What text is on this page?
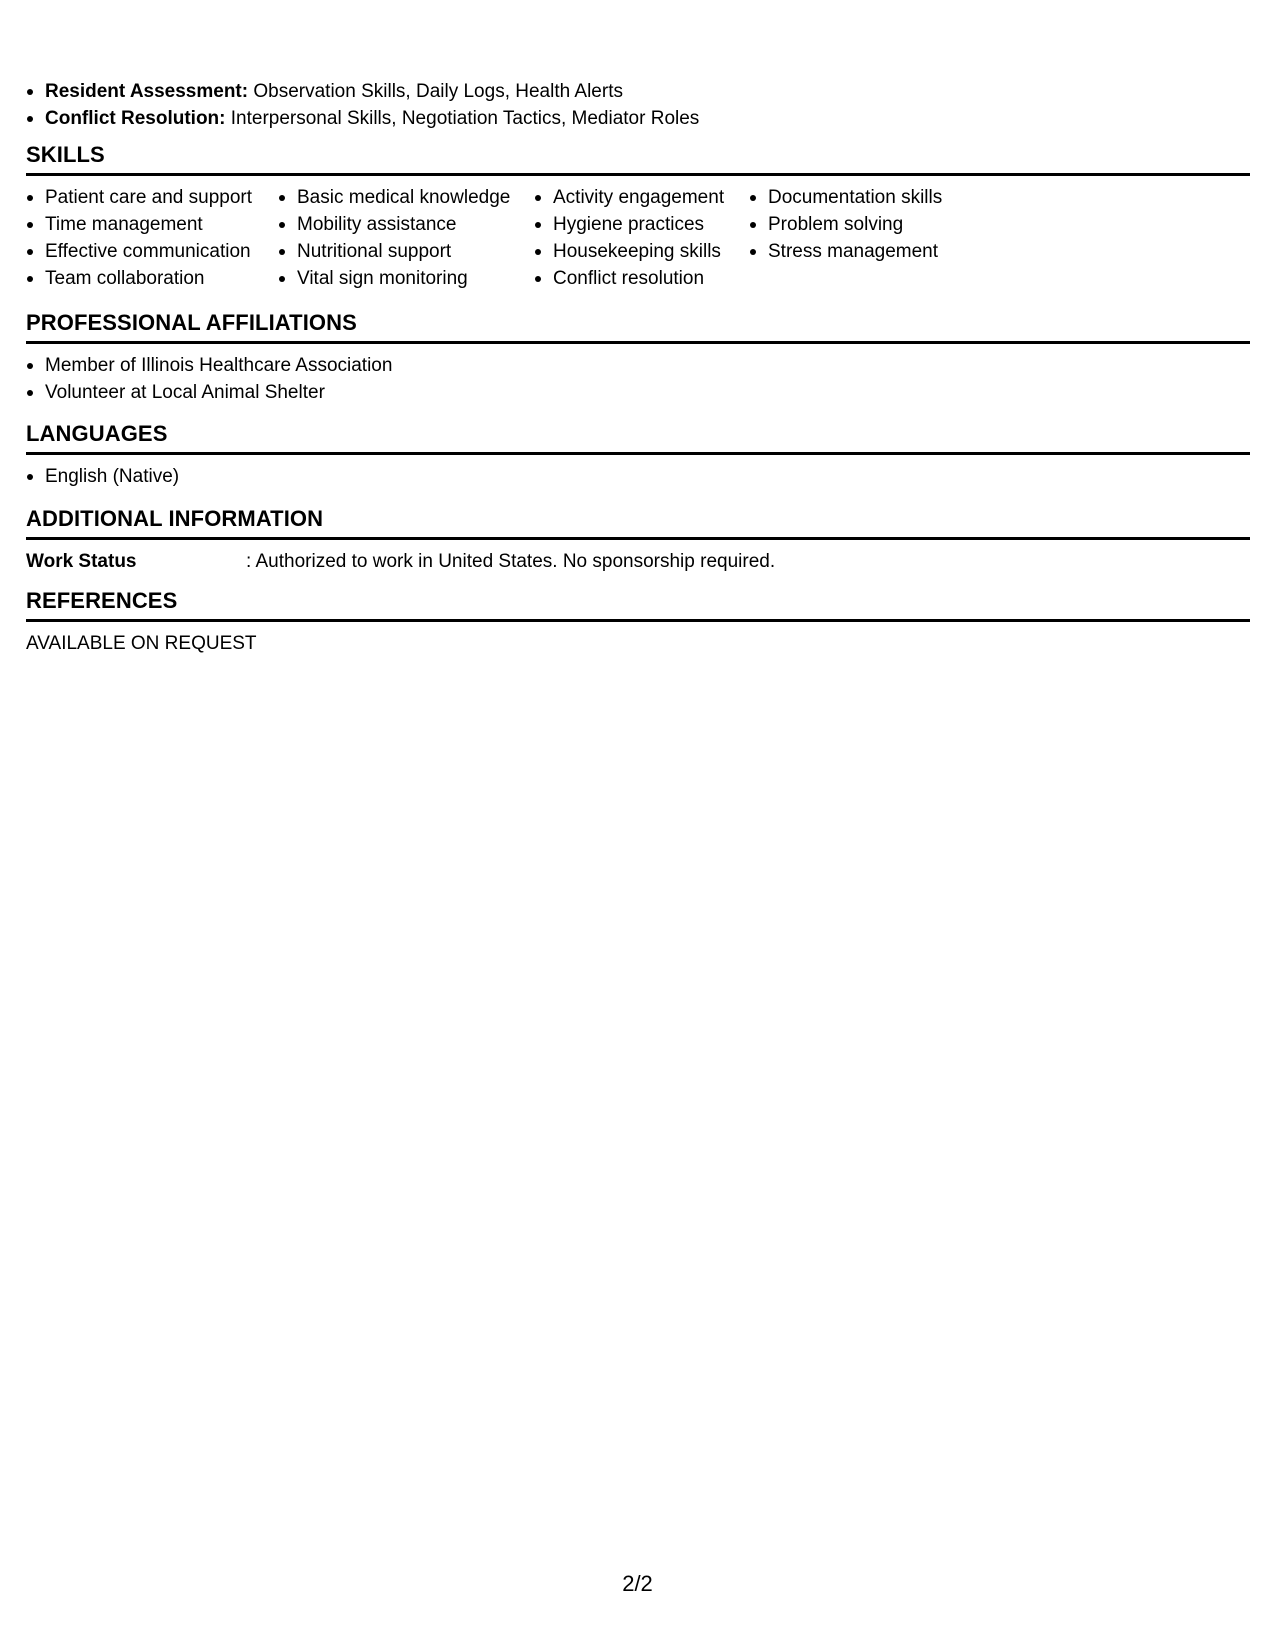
Resident Assessment: Observation Skills, Daily Logs, Health Alerts
Conflict Resolution: Interpersonal Skills, Negotiation Tactics, Mediator Roles
SKILLS
Patient care and support
Time management
Effective communication
Team collaboration
Basic medical knowledge
Mobility assistance
Nutritional support
Vital sign monitoring
Activity engagement
Hygiene practices
Housekeeping skills
Conflict resolution
Documentation skills
Problem solving
Stress management
PROFESSIONAL AFFILIATIONS
Member of Illinois Healthcare Association
Volunteer at Local Animal Shelter
LANGUAGES
English (Native)
ADDITIONAL INFORMATION
Work Status	: Authorized to work in United States. No sponsorship required.
REFERENCES
AVAILABLE ON REQUEST
2/2
